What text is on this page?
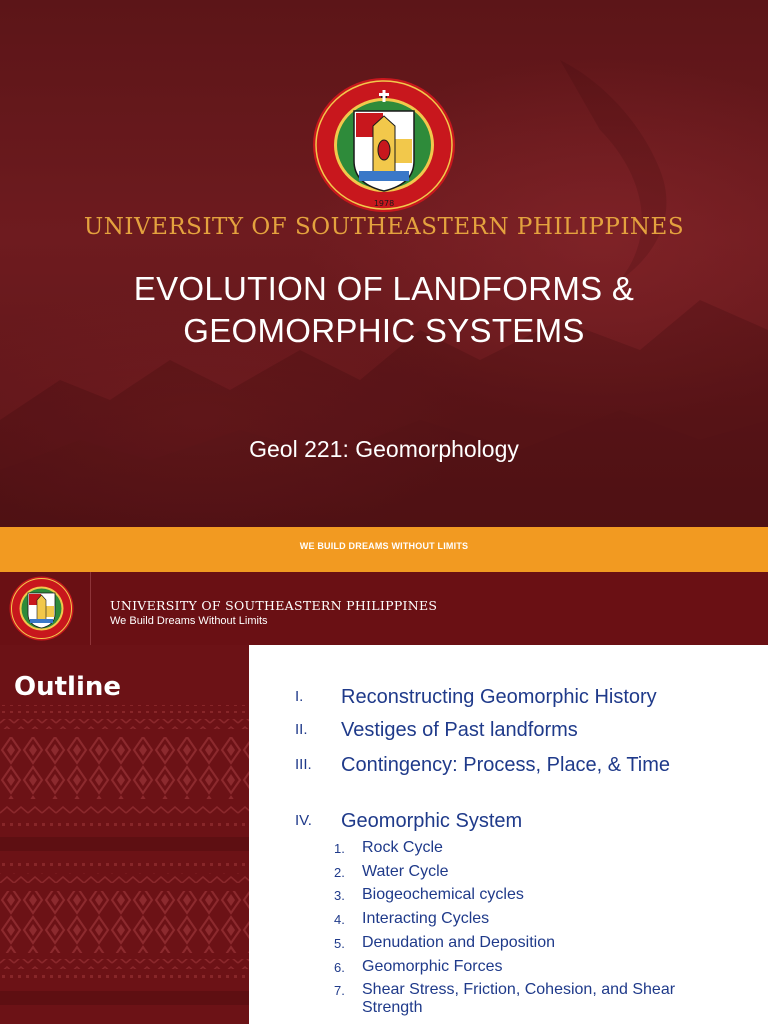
1978
UNIVERSITY OF SOUTHEASTERN PHILIPPINES
EVOLUTION OF LANDFORMS &
GEOMORPHIC SYSTEMS
Geol 221: Geomorphology
WE BUILD DREAMS WITHOUT LIMITS
UNIVERSITY OF SOUTHEASTERN PHILIPPINES
We Build Dreams Without Limits
Outline	I. Reconstructing Geomorphic History
II. Vestiges of Past landforms
III. Contingency: Process, Place, & Time
IV. Geomorphic System
1. Rock Cycle
2. Water Cycle
3. Biogeochemical cycles
4. Interacting Cycles
5. Denudation and Deposition
6. Geomorphic Forces
7. Shear Stress, Friction, Cohesion, and Shear Strength
